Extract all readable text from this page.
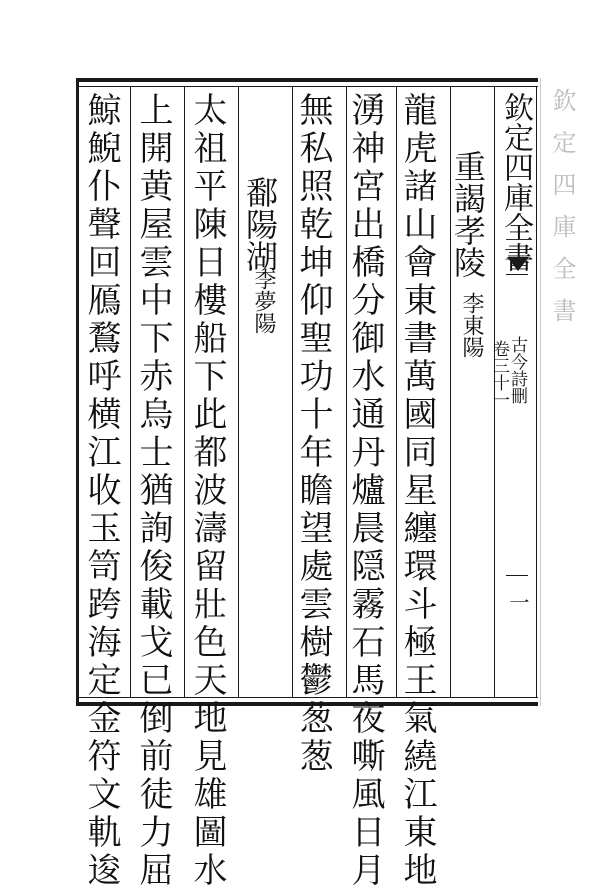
欽定四庫全書
古今詩刪
卷三十一
一
重謁孝陵
李東陽
龍虎諸山會東書萬國同星纏環斗極王氣繞江東地
湧神宮出橋分御水通丹爐晨隠霧石馬夜嘶風日月
無私照乾坤仰聖功十年瞻望處雲樹鬱葱葱
鄱陽湖
李夢陽
太祖平陳日樓船下此都波濤留壯色天地見雄圖水
上開黄屋雲中下赤烏士猶詢俊載戈已倒前徒力屈
鯨鯢仆聲回鴈鶩呼横江收玉笥跨海定金符文軌逡	欽定四庫全書
